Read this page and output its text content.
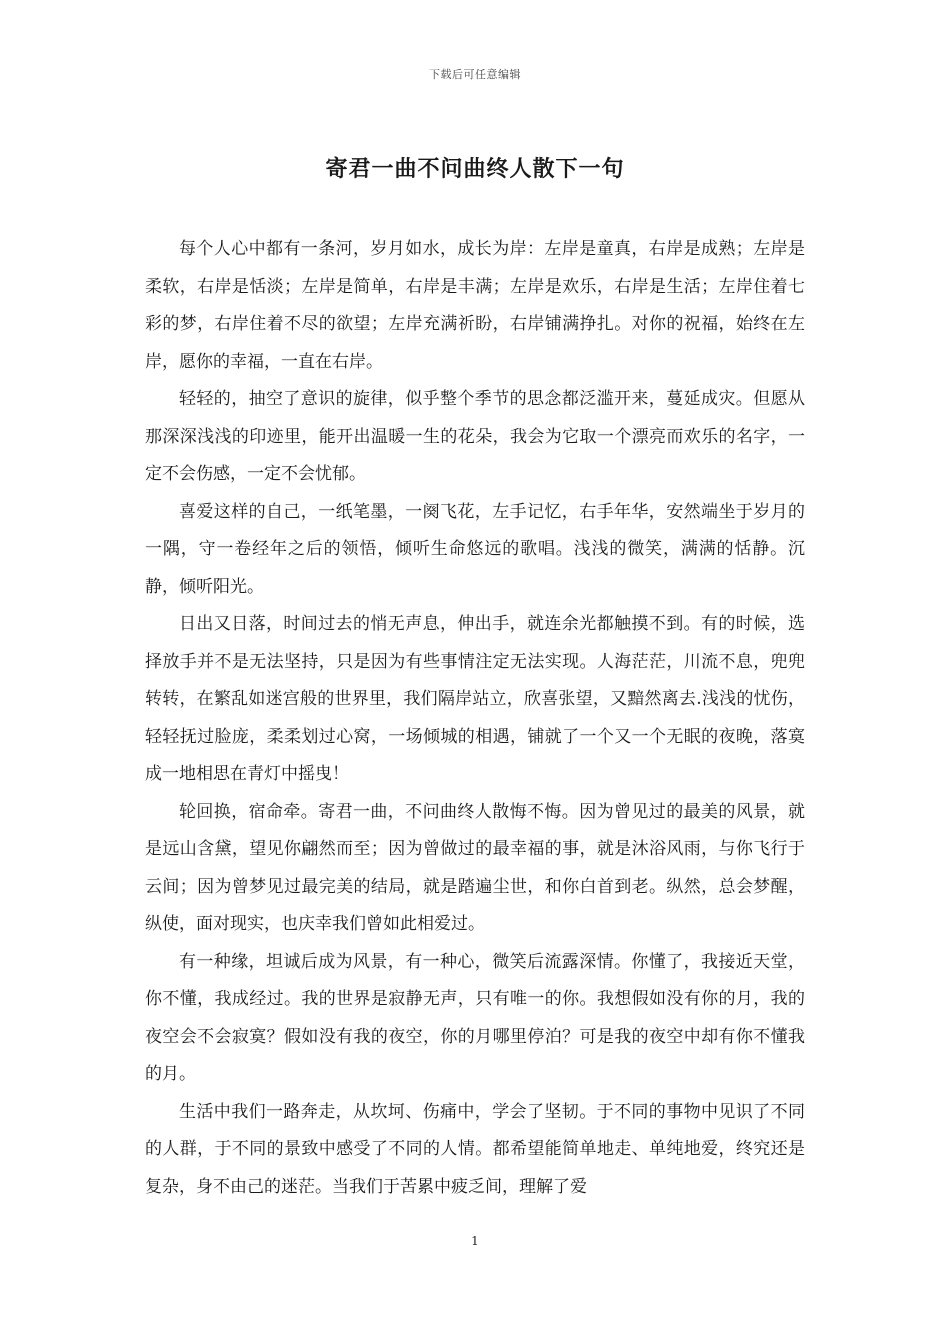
下载后可任意编辑
寄君一曲不问曲终人散下一句

每个人心中都有一条河，岁月如水，成长为岸：左岸是童真，右岸是成熟；左岸是柔软，右岸是恬淡；左岸是简单，右岸是丰满；左岸是欢乐，右岸是生活；左岸住着七彩的梦，右岸住着不尽的欲望；左岸充满祈盼，右岸铺满挣扎。对你的祝福，始终在左岸，愿你的幸福，一直在右岸。

轻轻的，抽空了意识的旋律，似乎整个季节的思念都泛滥开来，蔓延成灾。但愿从那深深浅浅的印迹里，能开出温暖一生的花朵，我会为它取一个漂亮而欢乐的名字，一定不会伤感，一定不会忧郁。

喜爱这样的自己，一纸笔墨，一阕飞花，左手记忆，右手年华，安然端坐于岁月的一隅，守一卷经年之后的领悟，倾听生命悠远的歌唱。浅浅的微笑，满满的恬静。沉静，倾听阳光。

日出又日落，时间过去的悄无声息，伸出手，就连余光都触摸不到。有的时候，选择放手并不是无法坚持，只是因为有些事情注定无法实现。人海茫茫，川流不息，兜兜转转，在繁乱如迷宫般的世界里，我们隔岸站立，欣喜张望，又黯然离去.浅浅的忧伤，轻轻抚过脸庞，柔柔划过心窝，一场倾城的相遇，铺就了一个又一个无眠的夜晚，落寞成一地相思在青灯中摇曳！

轮回换，宿命牵。寄君一曲，不问曲终人散悔不悔。因为曾见过的最美的风景，就是远山含黛，望见你翩然而至；因为曾做过的最幸福的事，就是沐浴风雨，与你飞行于云间；因为曾梦见过最完美的结局，就是踏遍尘世，和你白首到老。纵然，总会梦醒，纵使，面对现实，也庆幸我们曾如此相爱过。

有一种缘，坦诚后成为风景，有一种心，微笑后流露深情。你懂了，我接近天堂，你不懂，我成经过。我的世界是寂静无声，只有唯一的你。我想假如没有你的月，我的夜空会不会寂寞？假如没有我的夜空，你的月哪里停泊？可是我的夜空中却有你不懂我的月。

生活中我们一路奔走，从坎坷、伤痛中，学会了坚韧。于不同的事物中见识了不同的人群，于不同的景致中感受了不同的人情。都希望能简单地走、单纯地爱，终究还是复杂，身不由己的迷茫。当我们于苦累中疲乏间，理解了爱

1
